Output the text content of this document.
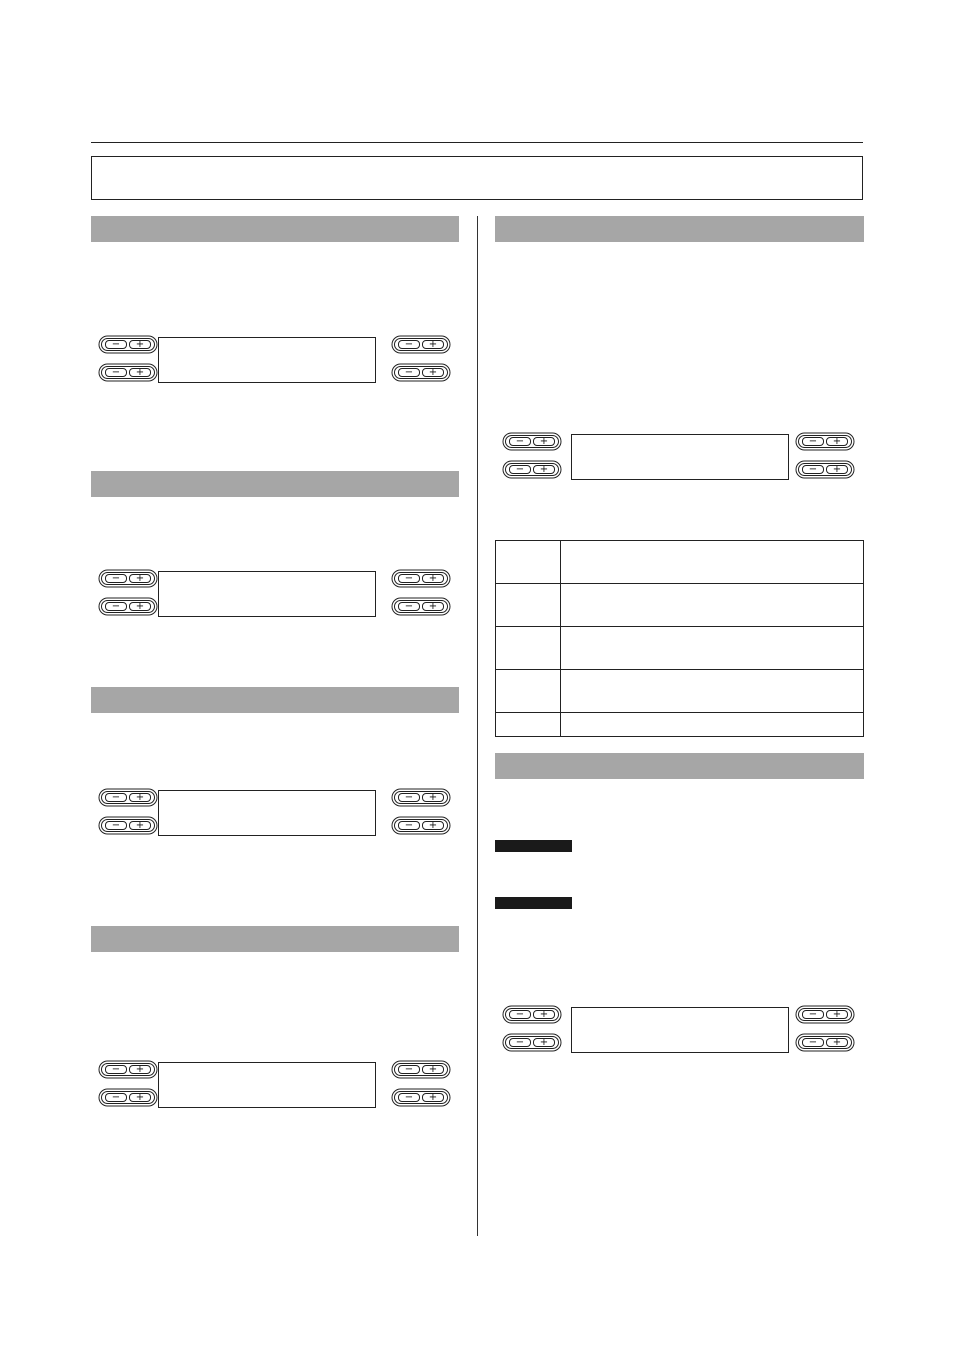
−	+
−	+
−	+
−	+
−	+
−	+
−	+
−	+
−	+
−	+
−	+
−	+
−	+
−	+
−	+
−	+
−	+
−	+
−	+
−	+

−	+
−	+
−	+
−	+
